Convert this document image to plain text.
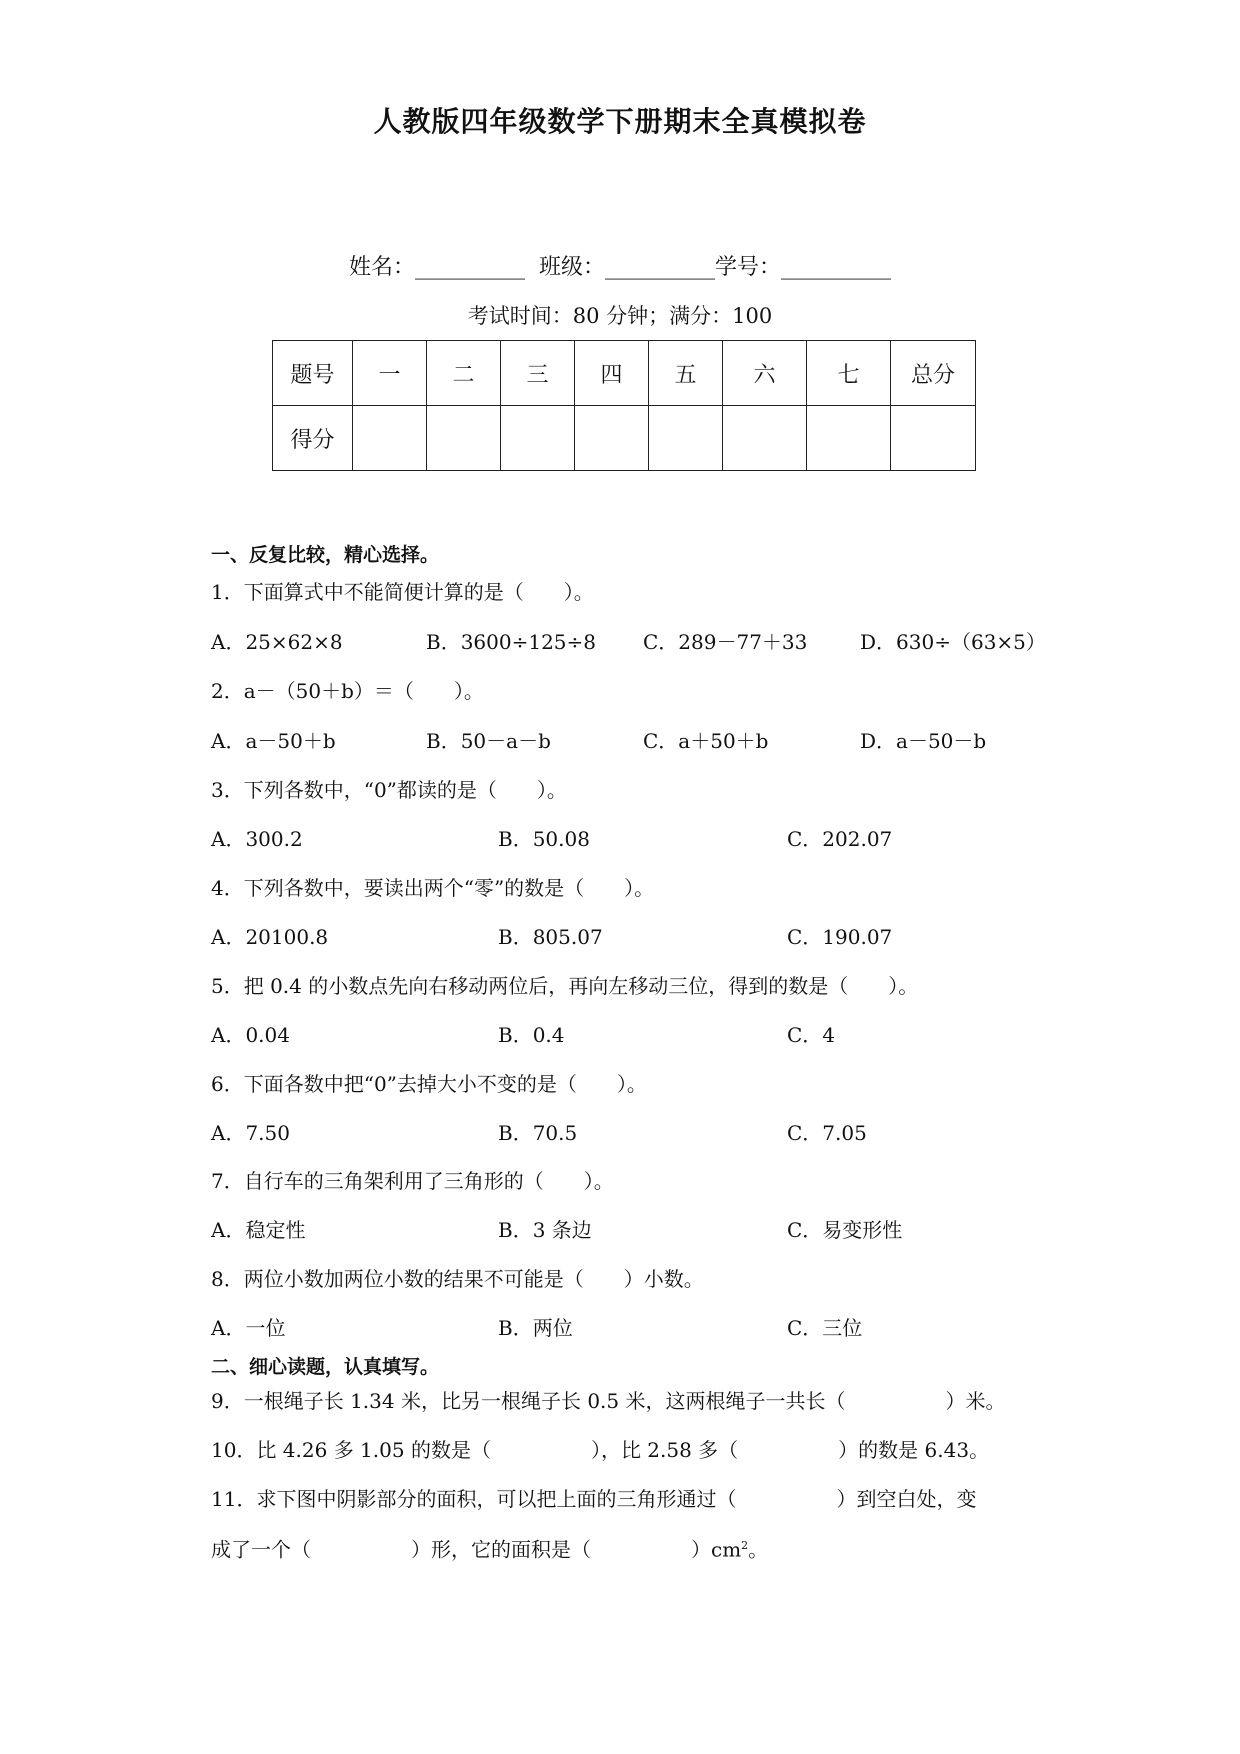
人教版四年级数学下册期末全真模拟卷
姓名：__________  班级：__________学号：__________
考试时间：80 分钟；满分：100
题号	一	二	三	四	五	六	七	总分
得分								
一、反复比较，精心选择。
1．下面算式中不能简便计算的是（　　）。
A．25×62×8	B．3600÷125÷8 C．289－77＋33	D．630÷（63×5）
2．a－（50＋b）＝（　　）。
A．a－50＋b	B．50－a－b	C．a＋50＋b	D．a－50－b
3．下列各数中，“0”都读的是（　　）。
A．300.2	B．50.08	C．202.07
4．下列各数中，要读出两个“零”的数是（　　）。
A．20100.8	B．805.07	C．190.07
5．把 0.4 的小数点先向右移动两位后，再向左移动三位，得到的数是（　　）。
A．0.04	B．0.4	C．4
6．下面各数中把“0”去掉大小不变的是（　　）。
A．7.50	B．70.5	C．7.05
7．自行车的三角架利用了三角形的（　　）。
A．稳定性	B．3 条边	C．易变形性
8．两位小数加两位小数的结果不可能是（　　）小数。
A．一位	B．两位	C．三位
二、细心读题，认真填写。
9．一根绳子长 1.34 米，比另一根绳子长 0.5 米，这两根绳子一共长（　　　　　）米。
10．比 4.26 多 1.05 的数是（　　　　　），比 2.58 多（　　　　　）的数是 6.43。
11．求下图中阴影部分的面积，可以把上面的三角形通过（　　　　　）到空白处，变
成了一个（　　　　　）形，它的面积是（　　　　　）$cm^2$。
